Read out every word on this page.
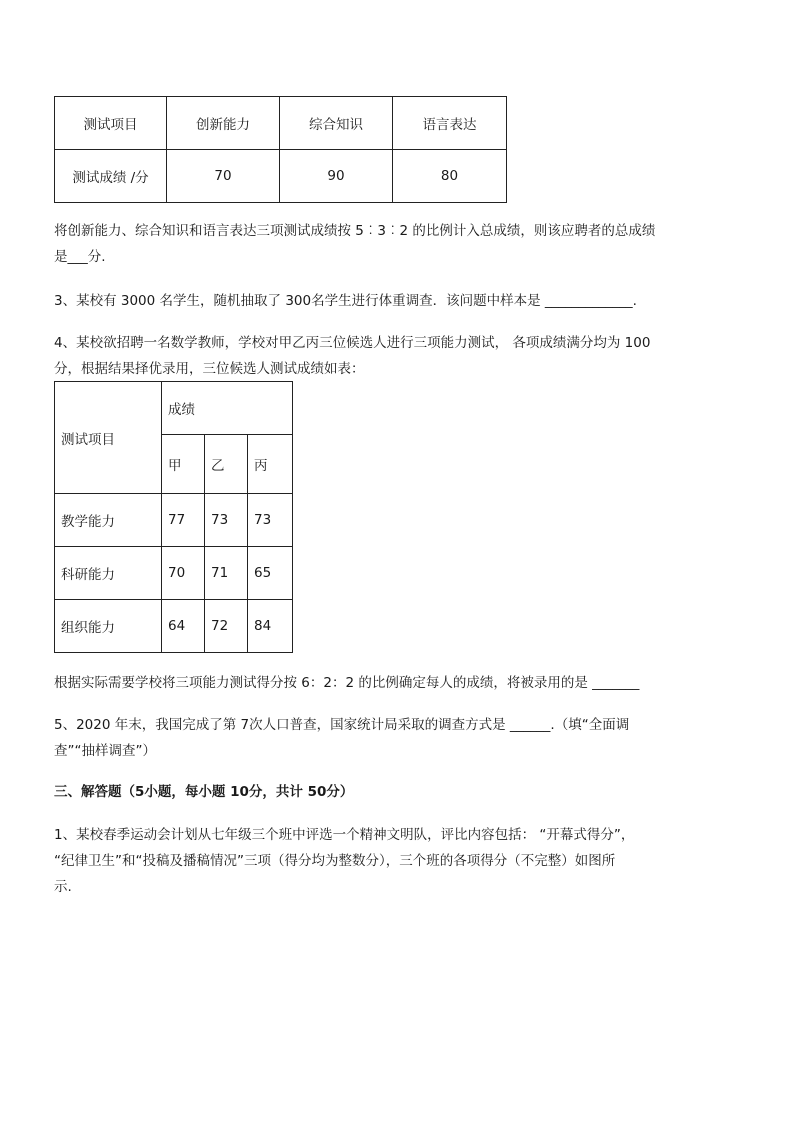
测试项目	创新能力	综合知识	语言表达
测试成绩 /分	70	90	80
将创新能力、综合知识和语言表达三项测试成绩按 5︰3︰2 的比例计入总成绩，则该应聘者的总成绩
是___分.
3、某校有 3000 名学生，随机抽取了 300名学生进行体重调查．该问题中样本是 _____________.
4、某校欲招聘一名数学教师，学校对甲乙丙三位候选人进行三项能力测试， 各项成绩满分均为 100
分，根据结果择优录用，三位候选人测试成绩如表：
测试项目	成绩		
	甲	乙	丙
教学能力	77	73	73
科研能力	70	71	65
组织能力	64	72	84
根据实际需要学校将三项能力测试得分按 6：2：2 的比例确定每人的成绩，将被录用的是 _______
5、2020 年末，我国完成了第 7次人口普查，国家统计局采取的调查方式是 ______.（填“全面调
查”“抽样调查”）
三、解答题（5小题，每小题 10分，共计 50分）
1、某校春季运动会计划从七年级三个班中评选一个精神文明队，评比内容包括： “开幕式得分”，
“纪律卫生”和“投稿及播稿情况”三项（得分均为整数分），三个班的各项得分（不完整）如图所
示.
